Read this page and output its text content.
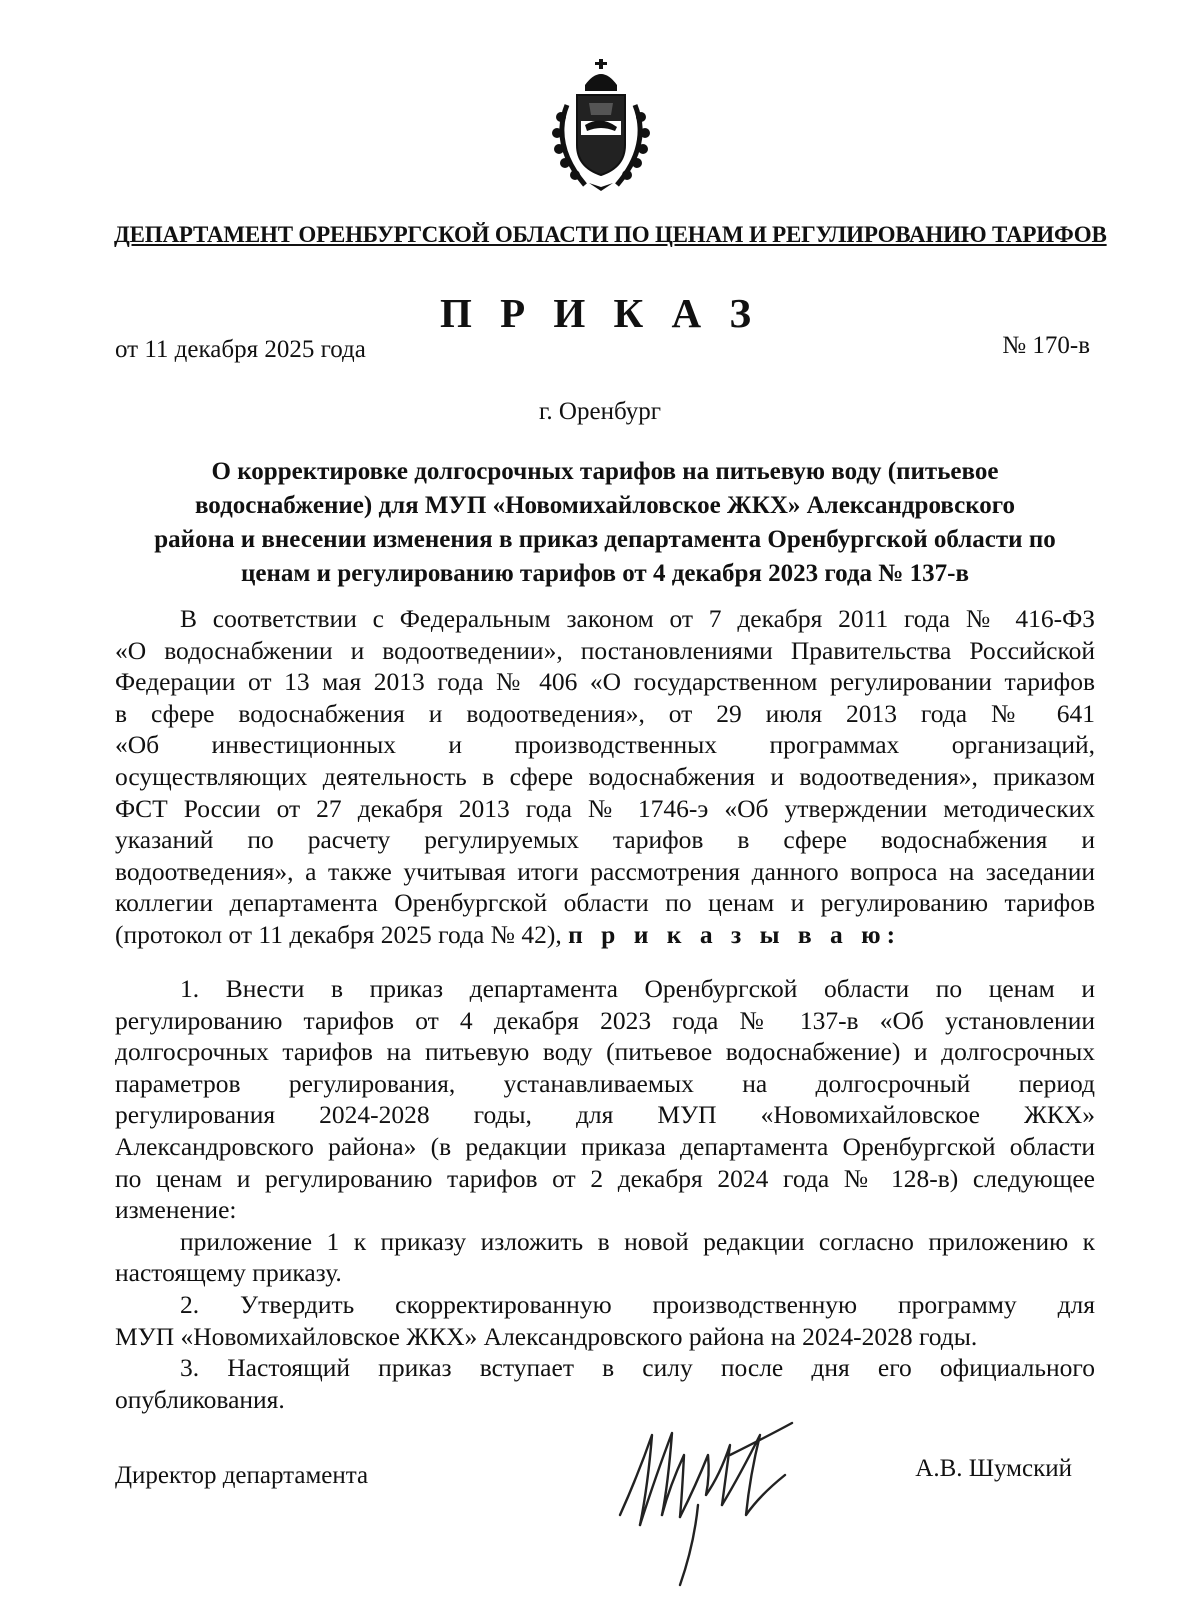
ДЕПАРТАМЕНТ ОРЕНБУРГСКОЙ ОБЛАСТИ ПО ЦЕНАМ И РЕГУЛИРОВАНИЮ ТАРИФОВ
П Р И К А З
от 11 декабря 2025 года	№ 170-в
г. Оренбург
О корректировке долгосрочных тарифов на питьевую воду (питьевое
водоснабжение) для МУП «Новомихайловское ЖКХ» Александровского
района и внесении изменения в приказ департамента Оренбургской области по
ценам и регулированию тарифов от 4 декабря 2023 года № 137-в
В соответствии с Федеральным законом от 7 декабря 2011 года № 416-ФЗ
«О водоснабжении и водоотведении», постановлениями Правительства Российской
Федерации от 13 мая 2013 года № 406 «О государственном регулировании тарифов
в сфере водоснабжения и водоотведения», от 29 июля 2013 года № 641
«Об инвестиционных и производственных программах организаций,
осуществляющих деятельность в сфере водоснабжения и водоотведения», приказом
ФСТ России от 27 декабря 2013 года № 1746-э «Об утверждении методических
указаний по расчету регулируемых тарифов в сфере водоснабжения и
водоотведения», а также учитывая итоги рассмотрения данного вопроса на заседании
коллегии департамента Оренбургской области по ценам и регулированию тарифов
(протокол от 11 декабря 2025 года № 42), п р и к а з ы в а ю:
1. Внести в приказ департамента Оренбургской области по ценам и
регулированию тарифов от 4 декабря 2023 года № 137-в «Об установлении
долгосрочных тарифов на питьевую воду (питьевое водоснабжение) и долгосрочных
параметров регулирования, устанавливаемых на долгосрочный период
регулирования 2024-2028 годы, для МУП «Новомихайловское ЖКХ»
Александровского района» (в редакции приказа департамента Оренбургской области
по ценам и регулированию тарифов от 2 декабря 2024 года № 128-в) следующее
изменение:
приложение 1 к приказу изложить в новой редакции согласно приложению к
настоящему приказу.
2. Утвердить скорректированную производственную программу для
МУП «Новомихайловское ЖКХ» Александровского района на 2024-2028 годы.
3. Настоящий приказ вступает в силу после дня его официального
опубликования.
Директор департамента	А.В. Шумский
